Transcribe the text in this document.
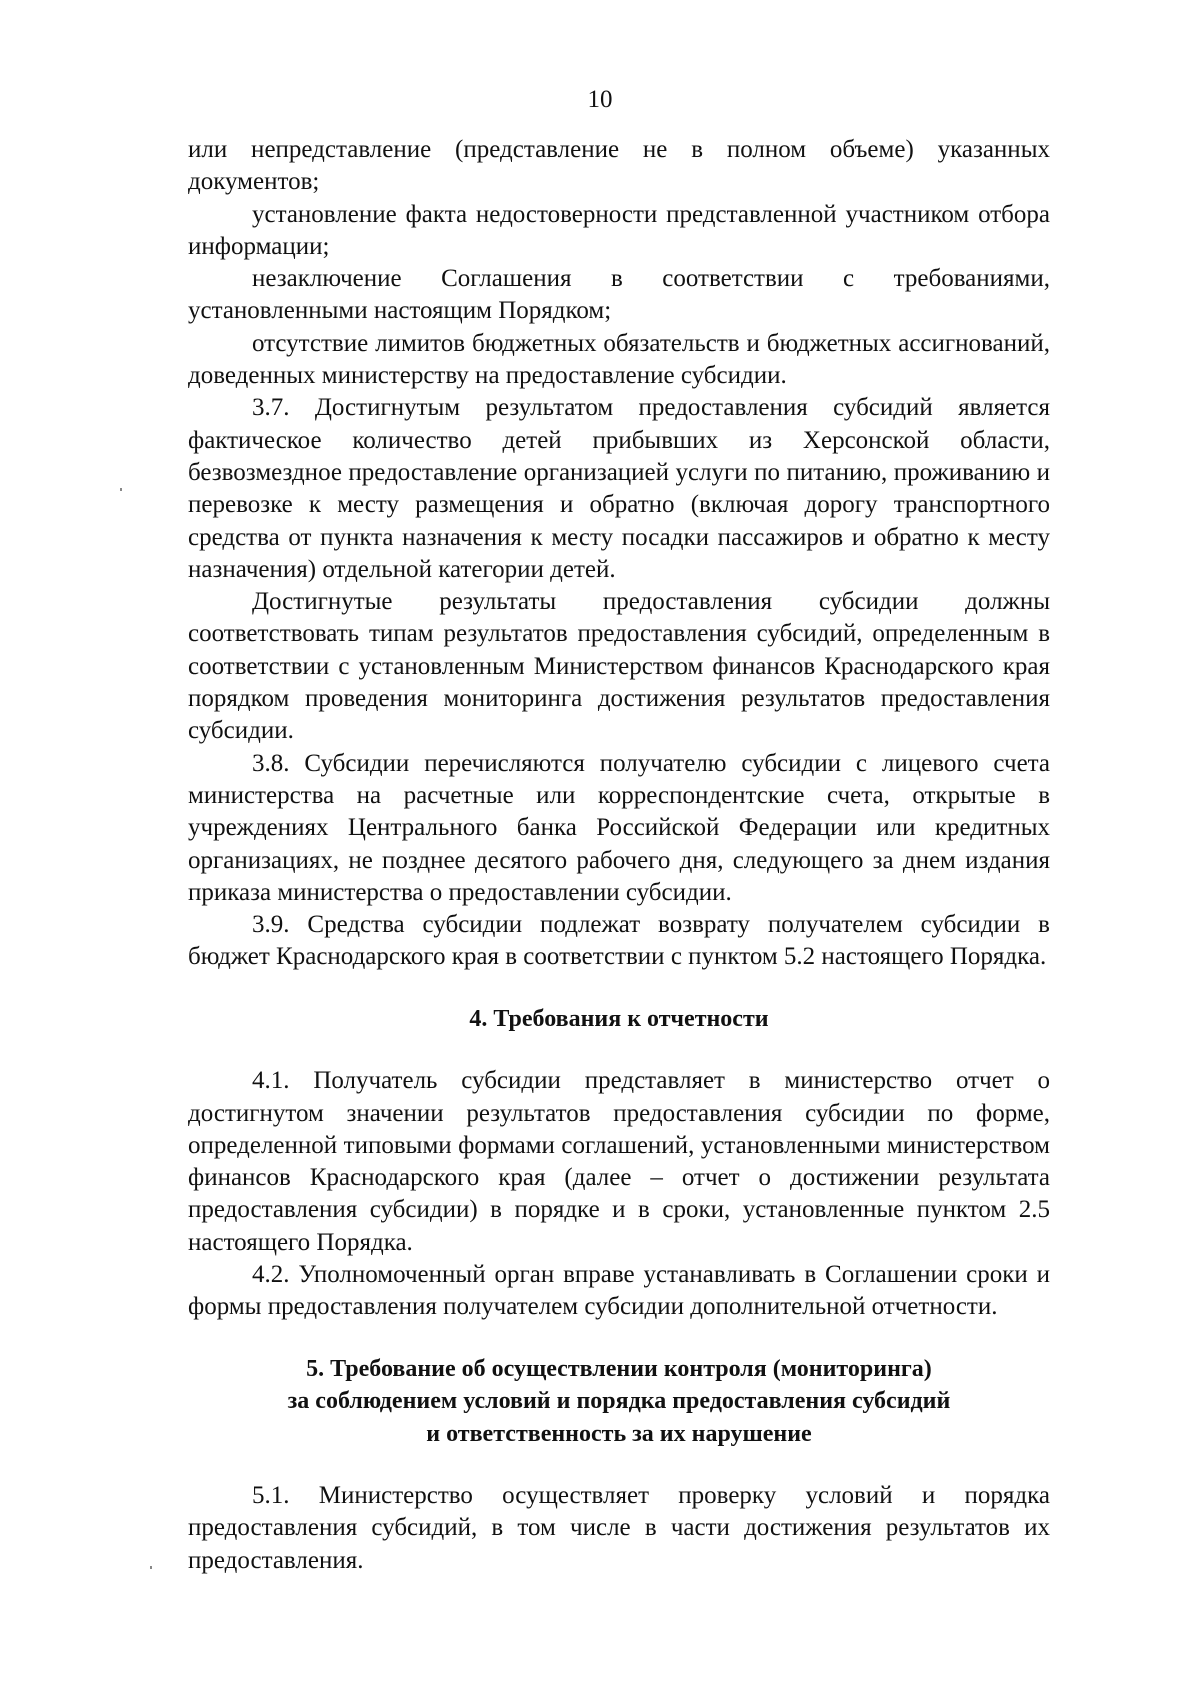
10

или непредставление (представление не в полном объеме) указанных документов;

установление факта недостоверности представленной участником отбора информации;

незаключение Соглашения в соответствии с требованиями, установленными настоящим Порядком;

отсутствие лимитов бюджетных обязательств и бюджетных ассигнований, доведенных министерству на предоставление субсидии.

3.7. Достигнутым результатом предоставления субсидий является фактическое количество детей прибывших из Херсонской области, безвозмездное предоставление организацией услуги по питанию, проживанию и перевозке к месту размещения и обратно (включая дорогу транспортного средства от пункта назначения к месту посадки пассажиров и обратно к месту назначения) отдельной категории детей.

Достигнутые результаты предоставления субсидии должны соответствовать типам результатов предоставления субсидий, определенным в соответствии с установленным Министерством финансов Краснодарского края порядком проведения мониторинга достижения результатов предоставления субсидии.

3.8. Субсидии перечисляются получателю субсидии с лицевого счета министерства на расчетные или корреспондентские счета, открытые в учреждениях Центрального банка Российской Федерации или кредитных организациях, не позднее десятого рабочего дня, следующего за днем издания приказа министерства о предоставлении субсидии.

3.9. Средства субсидии подлежат возврату получателем субсидии в бюджет Краснодарского края в соответствии с пунктом 5.2 настоящего Порядка.

4. Требования к отчетности

4.1. Получатель субсидии представляет в министерство отчет о достигнутом значении результатов предоставления субсидии по форме, определенной типовыми формами соглашений, установленными министерством финансов Краснодарского края (далее – отчет о достижении результата предоставления субсидии) в порядке и в сроки, установленные пунктом 2.5 настоящего Порядка.

4.2. Уполномоченный орган вправе устанавливать в Соглашении сроки и формы предоставления получателем субсидии дополнительной отчетности.

5. Требование об осуществлении контроля (мониторинга)
за соблюдением условий и порядка предоставления субсидий
и ответственность за их нарушение

5.1. Министерство осуществляет проверку условий и порядка предоставления субсидий, в том числе в части достижения результатов их предоставления.
